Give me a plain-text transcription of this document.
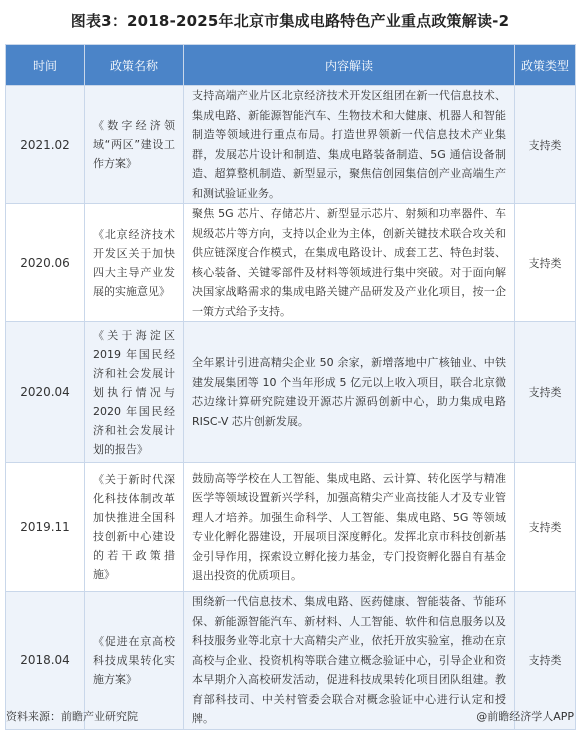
图表3：2018-2025年北京市集成电路特色产业重点政策解读-2
时间	政策名称	内容解读	政策类型
2021.02	《数字经济领域“两区”建设工作方案》	支持高端产业片区北京经济技术开发区组团在新一代信息技术、集成电路、新能源智能汽车、生物技术和大健康、机器人和智能制造等领域进行重点布局。打造世界领新一代信息技术产业集群，发展芯片设计和制造、集成电路装备制造、5G 通信设备制造、超算整机制造、新型显示，聚焦信创园集信创产业高端生产和测试验证业务。	支持类
2020.06	《北京经济技术开发区关于加快四大主导产业发展的实施意见》	聚焦 5G 芯片、存储芯片、新型显示芯片、射频和功率器件、车规级芯片等方向，支持以企业为主体，创新关键技术联合攻关和供应链深度合作模式，在集成电路设计、成套工艺、特色封装、核心装备、关键零部件及材料等领域进行集中突破。对于面向解决国家战略需求的集成电路关键产品研发及产业化项目，按一企一策方式给予支持。	支持类
2020.04	《关于海淀区 2019 年国民经济和社会发展计划执行情况与 2020 年国民经济和社会发展计划的报告》	全年累计引进高精尖企业 50 余家，新增落地中广核铀业、中铁建发展集团等 10 个当年形成 5 亿元以上收入项目，联合北京微芯边缘计算研究院建设开源芯片源码创新中心，助力集成电路 RISC-V 芯片创新发展。	支持类
2019.11	《关于新时代深化科技体制改革加快推进全国科技创新中心建设的若干政策措施》	鼓励高等学校在人工智能、集成电路、云计算、转化医学与精准医学等领域设置新兴学科，加强高精尖产业高技能人才及专业管理人才培养。加强生命科学、人工智能、集成电路、5G 等领域专业化孵化器建设，开展项目深度孵化。发挥北京市科技创新基金引导作用，探索设立孵化接力基金，专门投资孵化器自有基金退出投资的优质项目。	支持类
2018.04	《促进在京高校科技成果转化实施方案》	围绕新一代信息技术、集成电路、医药健康、智能装备、节能环保、新能源智能汽车、新材料、人工智能、软件和信息服务以及科技服务业等北京十大高精尖产业，依托开放实验室，推动在京高校与企业、投资机构等联合建立概念验证中心，引导企业和资本早期介入高校研发活动，促进科技成果转化项目团队组建。教育部科技司、中关村管委会联合对概念验证中心进行认定和授牌。	支持类
资料来源：前瞻产业研究院	@前瞻经济学人APP
